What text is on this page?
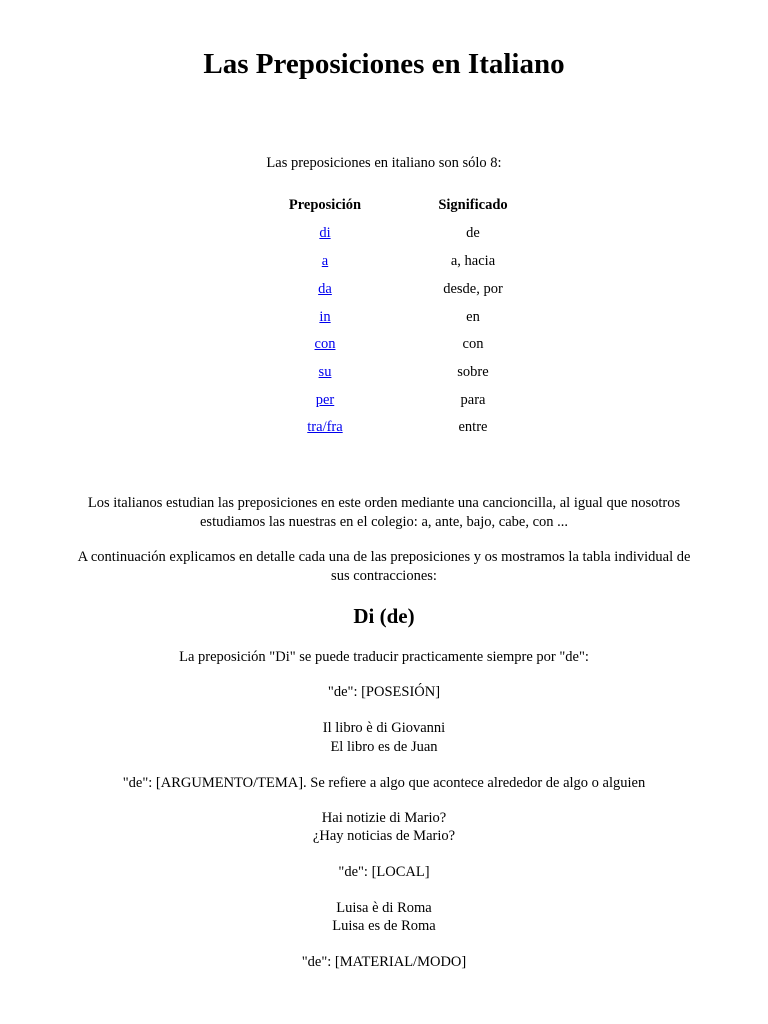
Las Preposiciones en Italiano
Las preposiciones en italiano son sólo 8:
Preposición	Significado
di	de
a	a, hacia
da	desde, por
in	en
con	con
su	sobre
per	para
tra/fra	entre
Los italianos estudian las preposiciones en este orden mediante una cancioncilla, al igual que nosotros
estudiamos las nuestras en el colegio: a, ante, bajo, cabe, con ...
A continuación explicamos en detalle cada una de las preposiciones y os mostramos la tabla individual de
sus contracciones:
Di (de)
La preposición "Di" se puede traducir practicamente siempre por "de":
"de": [POSESIÓN]
Il libro è di Giovanni
El libro es de Juan
"de": [ARGUMENTO/TEMA]. Se refiere a algo que acontece alrededor de algo o alguien
Hai notizie di Mario?
¿Hay noticias de Mario?
"de": [LOCAL]
Luisa è di Roma
Luisa es de Roma
"de": [MATERIAL/MODO]
